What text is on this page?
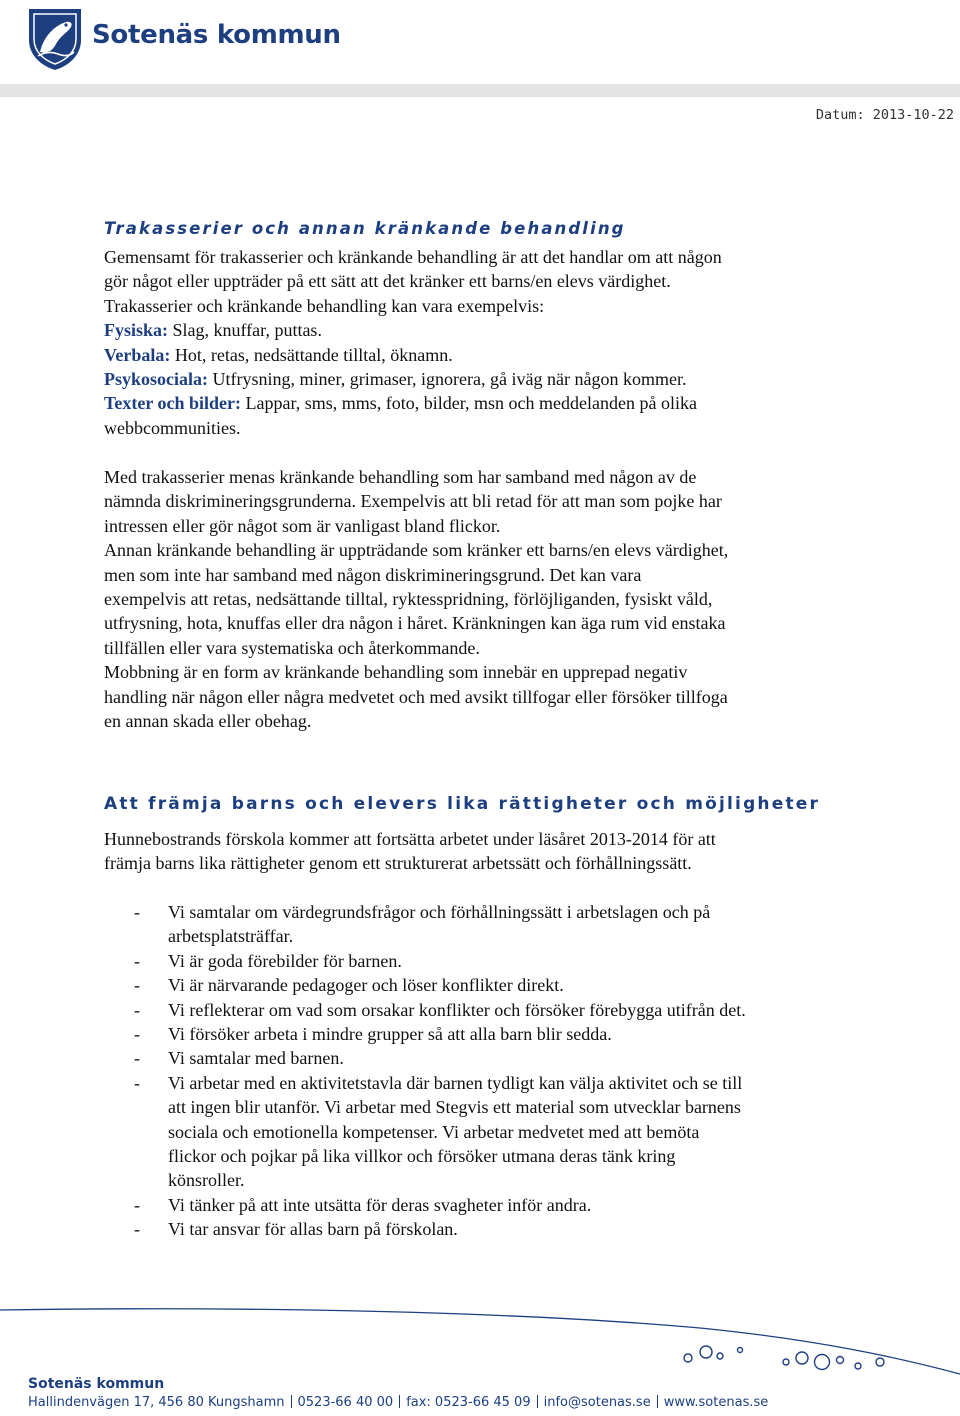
Sotenäs kommun
Datum: 2013-10-22
Trakasserier och annan kränkande behandling
Gemensamt för trakasserier och kränkande behandling är att det handlar om att någon
gör något eller uppträder på ett sätt att det kränker ett barns/en elevs värdighet.
Trakasserier och kränkande behandling kan vara exempelvis:
Fysiska: Slag, knuffar, puttas.
Verbala: Hot, retas, nedsättande tilltal, öknamn.
Psykosociala: Utfrysning, miner, grimaser, ignorera, gå iväg när någon kommer.
Texter och bilder: Lappar, sms, mms, foto, bilder, msn och meddelanden på olika
webbcommunities.
Med trakasserier menas kränkande behandling som har samband med någon av de
nämnda diskrimineringsgrunderna. Exempelvis att bli retad för att man som pojke har
intressen eller gör något som är vanligast bland flickor.
Annan kränkande behandling är uppträdande som kränker ett barns/en elevs värdighet,
men som inte har samband med någon diskrimineringsgrund. Det kan vara
exempelvis att retas, nedsättande tilltal, ryktesspridning, förlöjliganden, fysiskt våld,
utfrysning, hota, knuffas eller dra någon i håret. Kränkningen kan äga rum vid enstaka
tillfällen eller vara systematiska och återkommande.
Mobbning är en form av kränkande behandling som innebär en upprepad negativ
handling när någon eller några medvetet och med avsikt tillfogar eller försöker tillfoga
en annan skada eller obehag.
Att främja barns och elevers lika rättigheter och möjligheter
Hunnebostrands förskola kommer att fortsätta arbetet under läsåret 2013-2014 för att
främja barns lika rättigheter genom ett strukturerat arbetssätt och förhållningssätt.
- Vi samtalar om värdegrundsfrågor och förhållningssätt i arbetslagen och på
arbetsplatsträffar.
- Vi är goda förebilder för barnen.
- Vi är närvarande pedagoger och löser konflikter direkt.
- Vi reflekterar om vad som orsakar konflikter och försöker förebygga utifrån det.
- Vi försöker arbeta i mindre grupper så att alla barn blir sedda.
- Vi samtalar med barnen.
- Vi arbetar med en aktivitetstavla där barnen tydligt kan välja aktivitet och se till
att ingen blir utanför. Vi arbetar med Stegvis ett material som utvecklar barnens
sociala och emotionella kompetenser. Vi arbetar medvetet med att bemöta
flickor och pojkar på lika villkor och försöker utmana deras tänk kring
könsroller.
- Vi tänker på att inte utsätta för deras svagheter inför andra.
- Vi tar ansvar för allas barn på förskolan.
Sotenäs kommun
Hallindenvägen 17, 456 80 Kungshamn 0523-66 40 00 fax: 0523-66 45 09 info@sotenas.se www.sotenas.se
